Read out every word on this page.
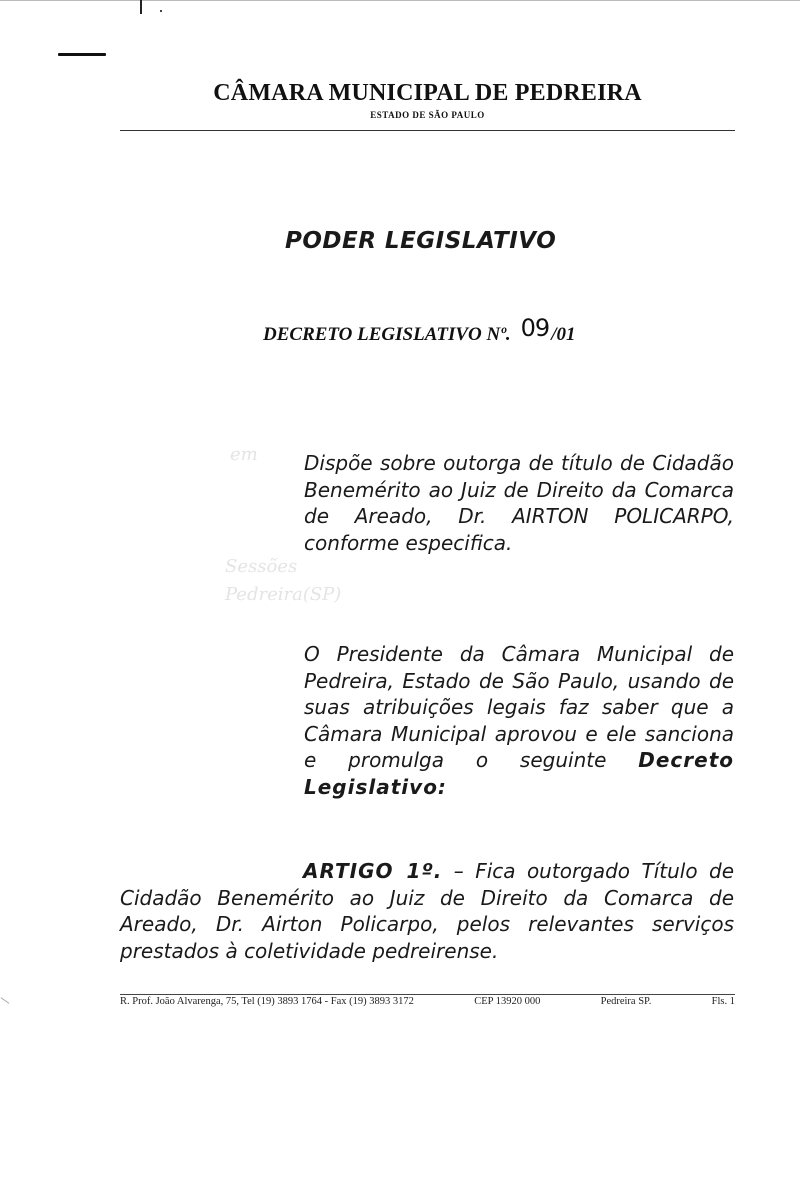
CÂMARA MUNICIPAL DE PEDREIRA
ESTADO DE SÃO PAULO
PODER LEGISLATIVO
DECRETO LEGISLATIVO Nº. 09 /01
em
Sessões
Pedreira(SP)
Dispõe sobre outorga de título de Cidadão Benemérito ao Juiz de Direito da Comarca de Areado, Dr. AIRTON POLICARPO, conforme especifica.
O Presidente da Câmara Municipal de Pedreira, Estado de São Paulo, usando de suas atribuições legais faz saber que a Câmara Municipal aprovou e ele sanciona e promulga o seguinte Decreto Legislativo:
ARTIGO 1º. – Fica outorgado Título de Cidadão Benemérito ao Juiz de Direito da Comarca de Areado, Dr. Airton Policarpo, pelos relevantes serviços prestados à coletividade pedreirense.
R. Prof. João Alvarenga, 75, Tel (19) 3893 1764 - Fax (19) 3893 3172	CEP 13920 000	Pedreira SP.	Fls. 1
